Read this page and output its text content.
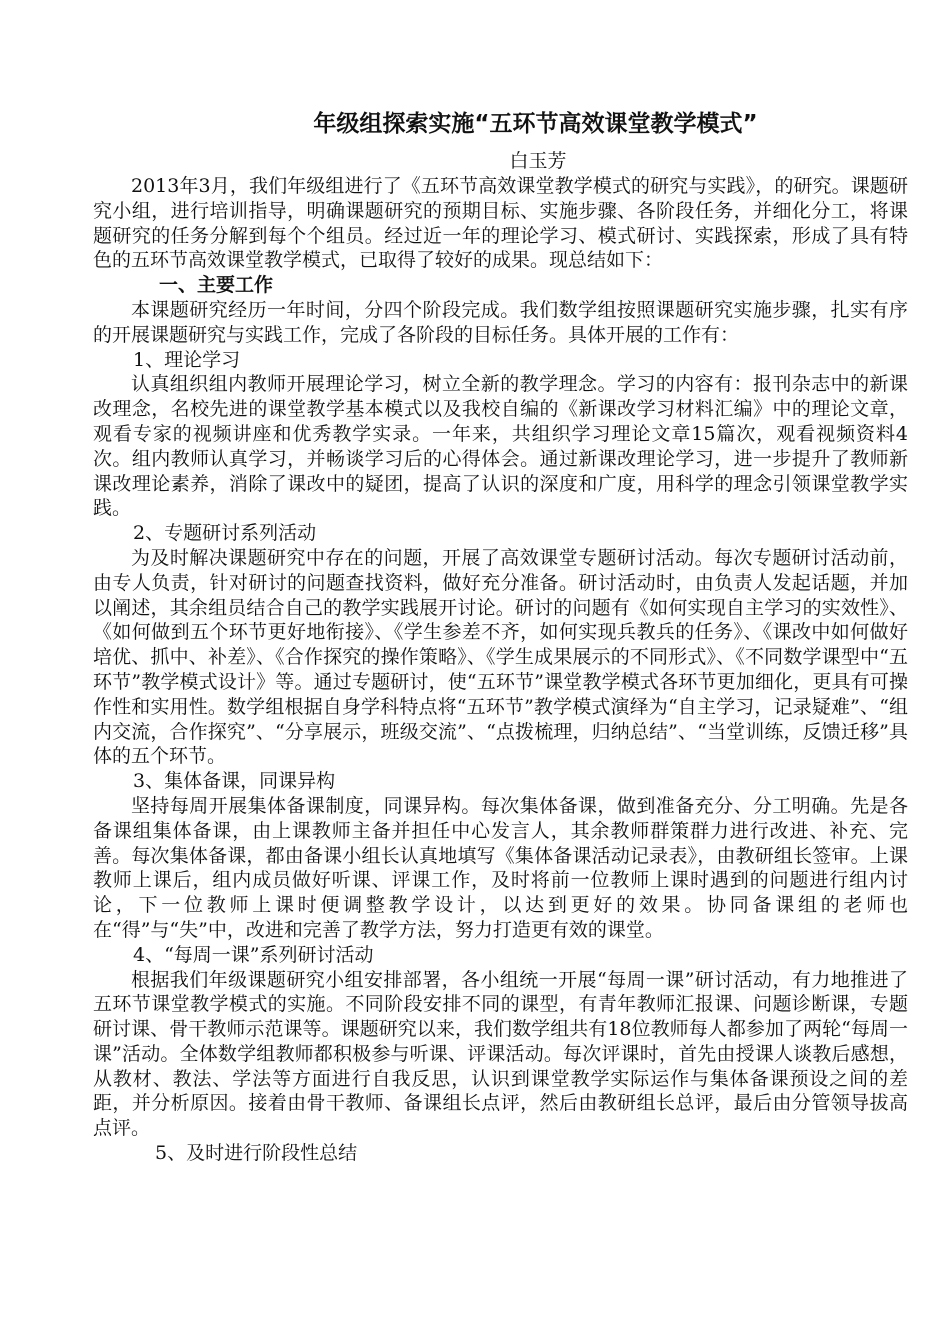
年级组探索实施“五环节高效课堂教学模式”
白玉芳

2013年3月，我们年级组进行了《五环节高效课堂教学模式的研究与实践》，的研究。课题研究小组，进行培训指导，明确课题研究的预期目标、实施步骤、各阶段任务，并细化分工，将课题研究的任务分解到每个个组员。经过近一年的理论学习、模式研讨、实践探索，形成了具有特色的五环节高效课堂教学模式，已取得了较好的成果。现总结如下：

一、主要工作

本课题研究经历一年时间，分四个阶段完成。我们数学组按照课题研究实施步骤，扎实有序的开展课题研究与实践工作，完成了各阶段的目标任务。具体开展的工作有：

1、理论学习

认真组织组内教师开展理论学习，树立全新的教学理念。学习的内容有：报刊杂志中的新课改理念，名校先进的课堂教学基本模式以及我校自编的《新课改学习材料汇编》中的理论文章，观看专家的视频讲座和优秀教学实录。一年来，共组织学习理论文章15篇次，观看视频资料4次。组内教师认真学习，并畅谈学习后的心得体会。通过新课改理论学习，进一步提升了教师新课改理论素养，消除了课改中的疑团，提高了认识的深度和广度，用科学的理念引领课堂教学实践。

2、专题研讨系列活动

为及时解决课题研究中存在的问题，开展了高效课堂专题研讨活动。每次专题研讨活动前，由专人负责，针对研讨的问题查找资料，做好充分准备。研讨活动时，由负责人发起话题，并加以阐述，其余组员结合自己的教学实践展开讨论。研讨的问题有《如何实现自主学习的实效性》、《如何做到五个环节更好地衔接》、《学生参差不齐，如何实现兵教兵的任务》、《课改中如何做好培优、抓中、补差》、《合作探究的操作策略》、《学生成果展示的不同形式》、《不同数学课型中“五环节”教学模式设计》等。通过专题研讨，使“五环节”课堂教学模式各环节更加细化，更具有可操作性和实用性。数学组根据自身学科特点将“五环节”教学模式演绎为“自主学习，记录疑难”、“组内交流，合作探究”、“分享展示，班级交流”、“点拨梳理，归纳总结”、“当堂训练，反馈迁移”具体的五个环节。

3、集体备课，同课异构

坚持每周开展集体备课制度，同课异构。每次集体备课，做到准备充分、分工明确。先是各备课组集体备课，由上课教师主备并担任中心发言人，其余教师群策群力进行改进、补充、完善。每次集体备课，都由备课小组长认真地填写《集体备课活动记录表》，由教研组长签审。上课教师上课后，组内成员做好听课、评课工作，及时将前一位教师上课时遇到的问题进行组内讨论，下一位教师上课时便调整教学设计，以达到更好的效果。协同备课组的老师也在“得”与“失”中，改进和完善了教学方法，努力打造更有效的课堂。

4、“每周一课”系列研讨活动

根据我们年级课题研究小组安排部署，各小组统一开展“每周一课”研讨活动，有力地推进了五环节课堂教学模式的实施。不同阶段安排不同的课型，有青年教师汇报课、问题诊断课，专题研讨课、骨干教师示范课等。课题研究以来，我们数学组共有18位教师每人都参加了两轮“每周一课”活动。全体数学组教师都积极参与听课、评课活动。每次评课时，首先由授课人谈教后感想，从教材、教法、学法等方面进行自我反思，认识到课堂教学实际运作与集体备课预设之间的差距，并分析原因。接着由骨干教师、备课组长点评，然后由教研组长总评，最后由分管领导拔高点评。

5、及时进行阶段性总结
